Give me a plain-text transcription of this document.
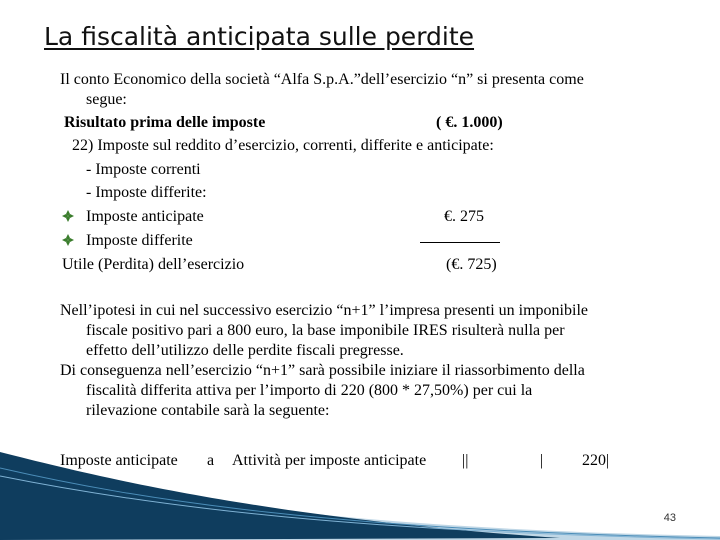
La fiscalità anticipata sulle perdite
Il conto Economico della società “Alfa S.p.A.”dell’esercizio “n” si presenta come
segue:
Risultato prima delle imposte	( €. 1.000)
22) Imposte sul reddito d’esercizio, correnti, differite e anticipate:
- Imposte correnti
- Imposte differite:
Imposte anticipate	€. 275
Imposte differite
Utile (Perdita) dell’esercizio	(€. 725)
Nell’ipotesi in cui nel successivo esercizio “n+1” l’impresa presenti un imponibile
fiscale positivo pari a 800 euro, la base imponibile IRES risulterà nulla per
effetto dell’utilizzo delle perdite fiscali pregresse.
Di conseguenza nell’esercizio “n+1” sarà possibile iniziare il riassorbimento della
fiscalità differita attiva per l’importo di 220 (800 * 27,50%) per cui la
rilevazione contabile sarà la seguente:
Imposte anticipate a Attività per imposte anticipate ||	| 220|
43
